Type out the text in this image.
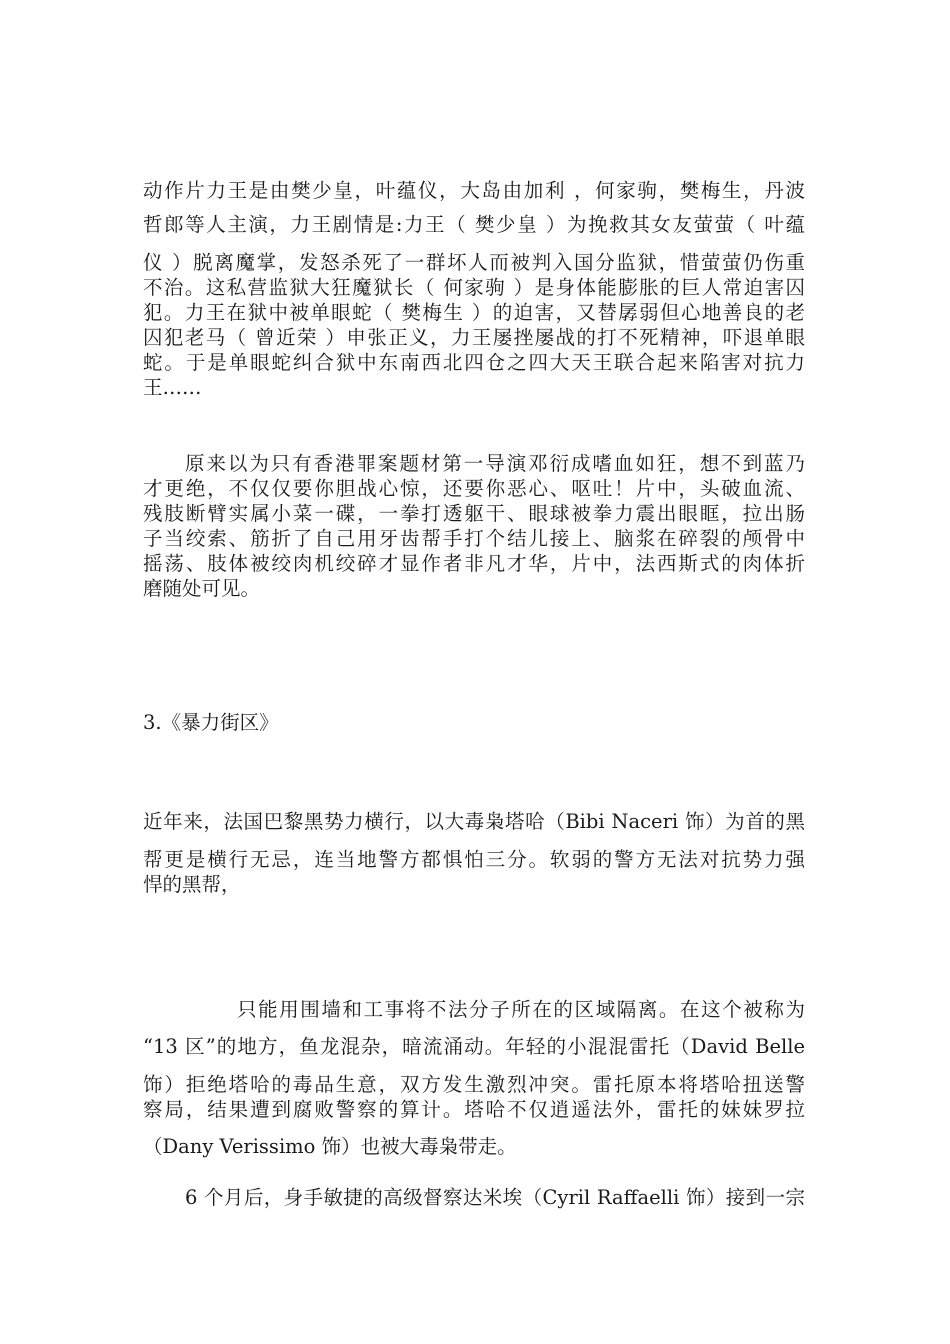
动作片力王是由樊少皇，叶蕴仪，大岛由加利 ，何家驹，樊梅生，丹波

哲郎等人主演，力王剧情是:力王（ 樊少皇 ）为挽救其女友萤萤（ 叶蕴

仪 ）脱离魔掌，发怒杀死了一群坏人而被判入国分监狱，惜萤萤仍伤重

不治。这私营监狱大狂魔狱长（ 何家驹 ）是身体能膨胀的巨人常迫害囚

犯。力王在狱中被单眼蛇（ 樊梅生 ）的迫害，又替孱弱但心地善良的老

囚犯老马（ 曾近荣 ）申张正义，力王屡挫屡战的打不死精神，吓退单眼

蛇。于是单眼蛇纠合狱中东南西北四仓之四大天王联合起来陷害对抗力

王……

原来以为只有香港罪案题材第一导演邓衍成嗜血如狂，想不到蓝乃

才更绝，不仅仅要你胆战心惊，还要你恶心、呕吐！片中，头破血流、

残肢断臂实属小菜一碟，一拳打透躯干、眼球被拳力震出眼眶，拉出肠

子当绞索、筋折了自己用牙齿帮手打个结儿接上、脑浆在碎裂的颅骨中

摇荡、肢体被绞肉机绞碎才显作者非凡才华，片中，法西斯式的肉体折

磨随处可见。

3.《暴力街区》

近年来，法国巴黎黑势力横行，以大毒枭塔哈（Bibi Naceri 饰）为首的黑

帮更是横行无忌，连当地警方都惧怕三分。软弱的警方无法对抗势力强

悍的黑帮，

只能用围墙和工事将不法分子所在的区域隔离。在这个被称为

“13 区”的地方，鱼龙混杂，暗流涌动。年轻的小混混雷托（David Belle

饰）拒绝塔哈的毒品生意，双方发生激烈冲突。雷托原本将塔哈扭送警

察局，结果遭到腐败警察的算计。塔哈不仅逍遥法外，雷托的妹妹罗拉

（Dany Verissimo 饰）也被大毒枭带走。

6 个月后，身手敏捷的高级督察达米埃（Cyril Raffaelli 饰）接到一宗
